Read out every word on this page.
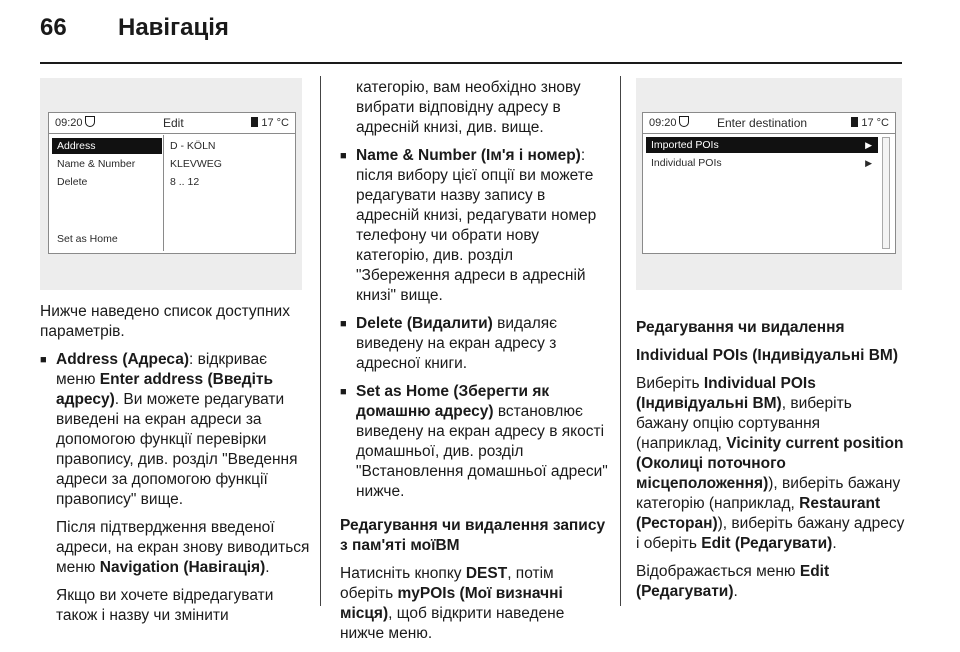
66 Навігація
09:20	Edit	17 °C
Address
Name & Number
Delete
Set as Home
D - KÖLN
KLEVWEG
8 .. 12
09:20	Enter destination	17 °C
Imported POIs	▶
Individual POIs	▶

Нижче наведено список доступних параметрів.

■ Address (Адреса): відкриває меню Enter address (Введіть адресу). Ви можете редагувати виведені на екран адреси за допомогою функції перевірки правопису, див. розділ "Введення адреси за допомогою функції правопису" вище.

Після підтвердження введеної адреси, на екран знову виводиться меню Navigation (Навігація).

Якщо ви хочете відредагувати також і назву чи змінити

категорію, вам необхідно знову вибрати відповідну адресу в адресній книзі, див. вище.

■ Name & Number (Ім'я і номер): після вибору цієї опції ви можете редагувати назву запису в адресній книзі, редагувати номер телефону чи обрати нову категорію, див. розділ "Збереження адреси в адресній книзі" вище.
■ Delete (Видалити) видаляє виведену на екран адресу з адресної книги.
■ Set as Home (Зберегти як домашню адресу) встановлює виведену на екран адресу в якості домашньої, див. розділ "Встановлення домашньої адреси" нижче.

Редагування чи видалення запису з пам'яті моїВМ

Натисніть кнопку DEST, потім оберіть myPOIs (Мої визначні місця), щоб відкрити наведене нижче меню.

Редагування чи видалення

Individual POIs (Індивідуальні ВМ)

Виберіть Individual POIs (Індивідуальні ВМ), виберіть бажану опцію сортування (наприклад, Vicinity current position (Околиці поточного місцеположення)), виберіть бажану категорію (наприклад, Restaurant (Ресторан)), виберіть бажану адресу і оберіть Edit (Редагувати).

Відображається меню Edit (Редагувати).
